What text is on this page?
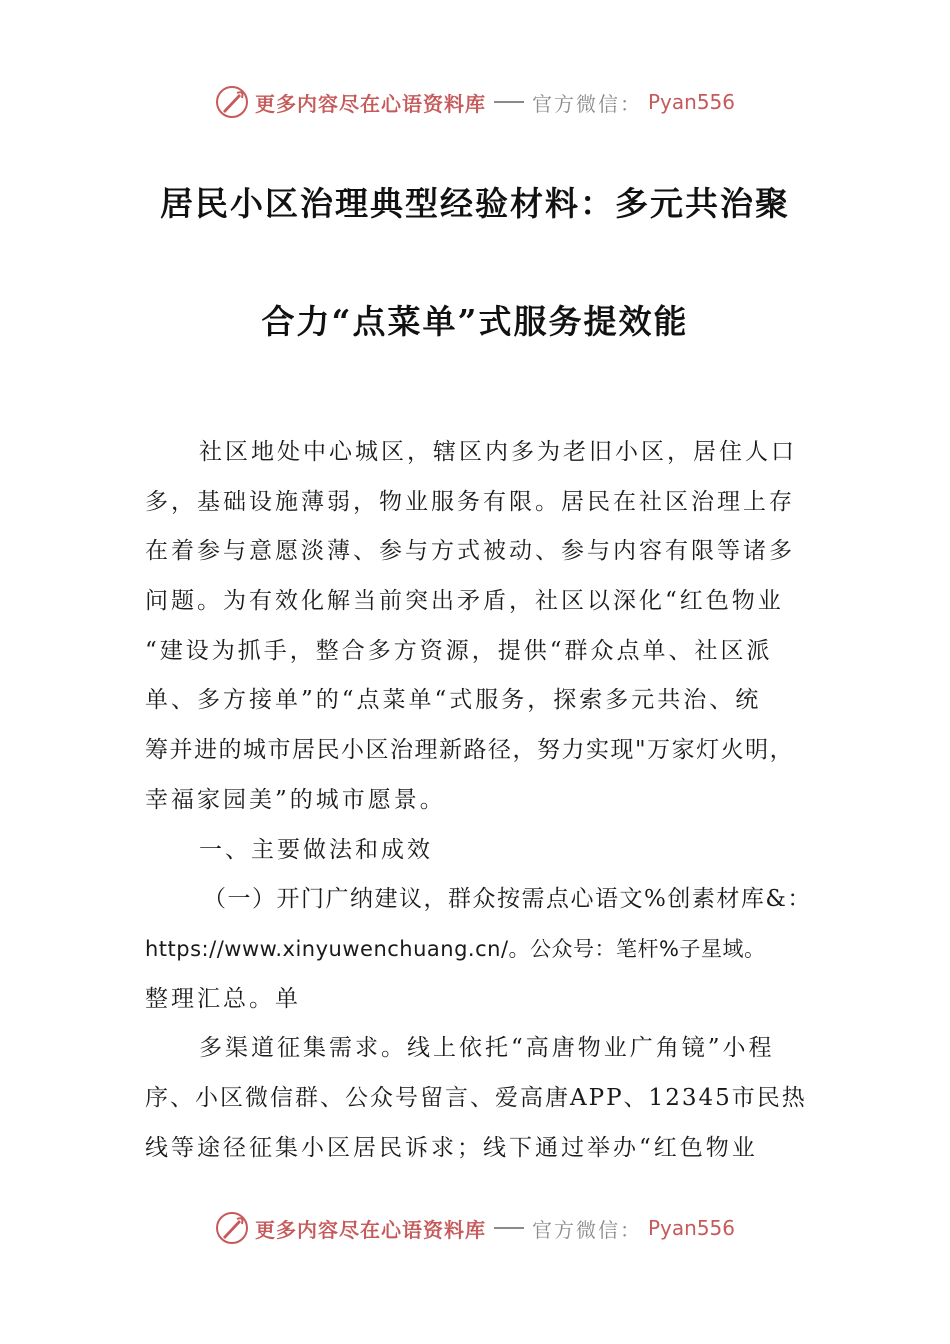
更多内容尽在心语资料库 官方微信： Pyan556
居民小区治理典型经验材料：多元共治聚
合力“点菜单”式服务提效能
社区地处中心城区，辖区内多为老旧小区，居住人口
多，基础设施薄弱，物业服务有限。居民在社区治理上存
在着参与意愿淡薄、参与方式被动、参与内容有限等诸多
问题。为有效化解当前突出矛盾，社区以深化“红色物业
“建设为抓手，整合多方资源，提供“群众点单、社区派
单、多方接单”的“点菜单“式服务，探索多元共治、统
筹并进的城市居民小区治理新路径，努力实现"万家灯火明，
幸福家园美”的城市愿景。
一、主要做法和成效
（一）开门广纳建议，群众按需点心语文%创素材库&：
https://www.xinyuwenchuang.cn/。公众号：笔杆%子星域。
整理汇总。单
多渠道征集需求。线上依托“高唐物业广角镜”小程
序、小区微信群、公众号留言、爱高唐APP、12345市民热
线等途径征集小区居民诉求；线下通过举办“红色物业
更多内容尽在心语资料库 官方微信： Pyan556
